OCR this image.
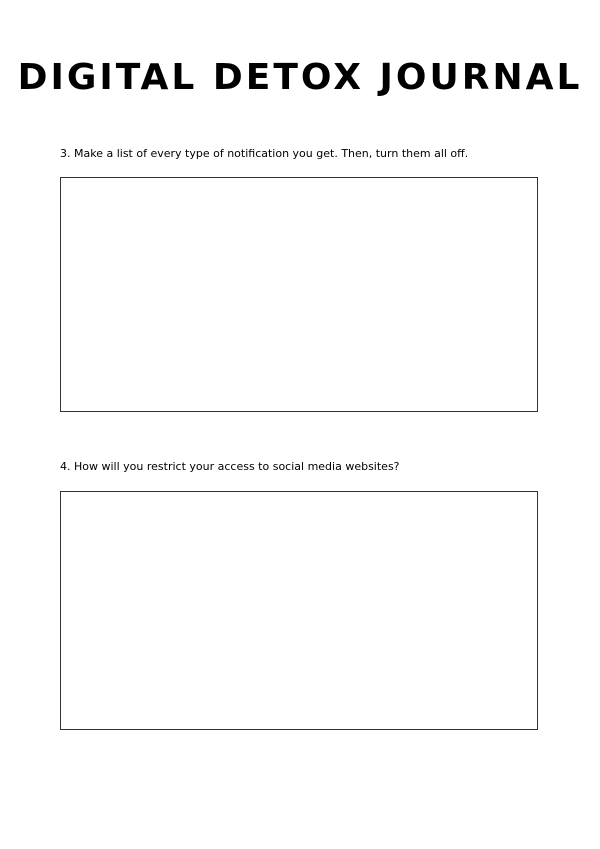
DIGITAL DETOX JOURNAL

3. Make a list of every type of notification you get. Then, turn them all off.

4. How will you restrict your access to social media websites?
